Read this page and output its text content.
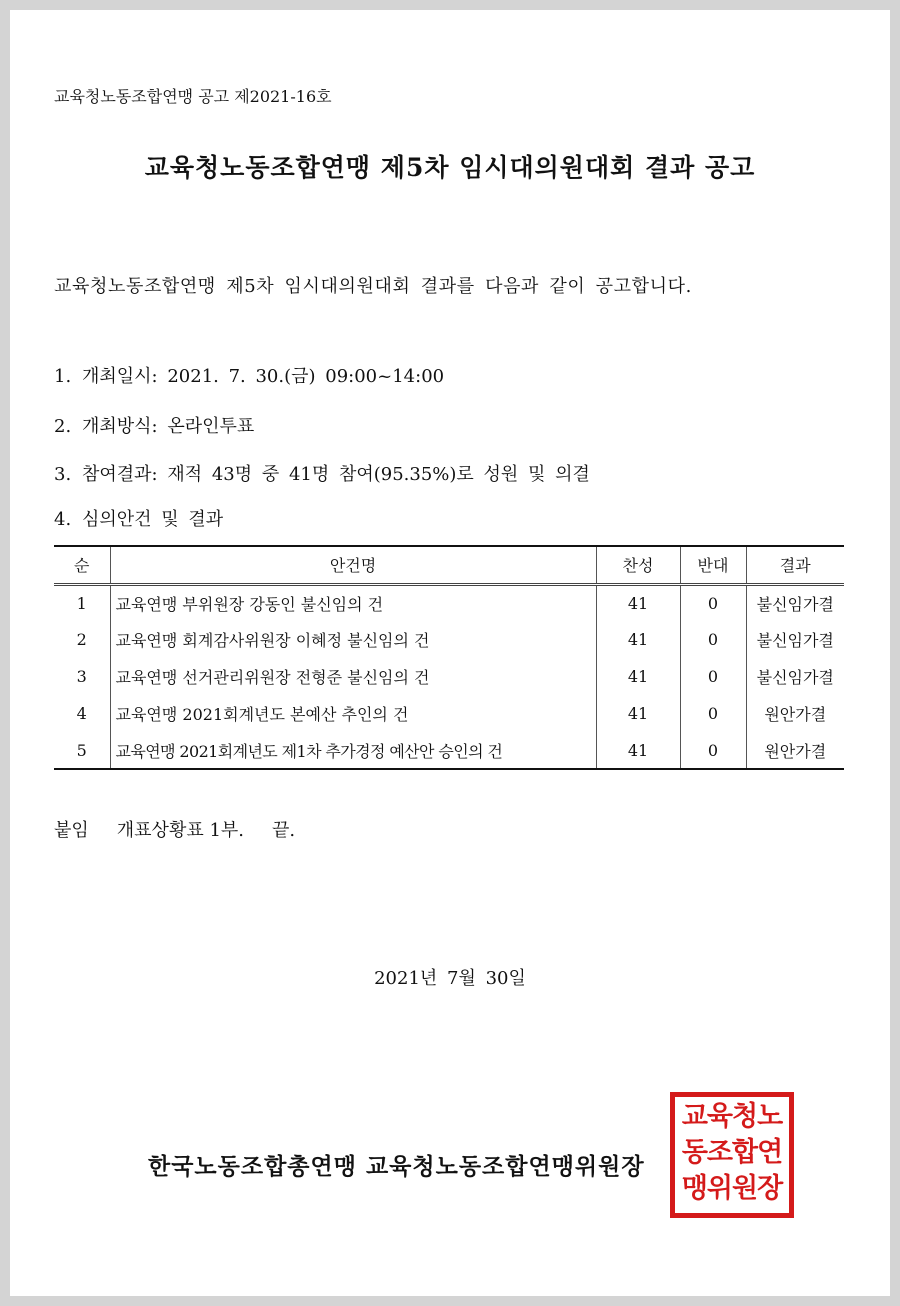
교육청노동조합연맹 공고 제2021-16호
교육청노동조합연맹 제5차 임시대의원대회 결과 공고
교육청노동조합연맹 제5차 임시대의원대회 결과를 다음과 같이 공고합니다.
1. 개최일시: 2021. 7. 30.(금) 09:00~14:00
2. 개최방식: 온라인투표
3. 참여결과: 재적 43명 중 41명 참여(95.35%)로 성원 및 의결
4. 심의안건 및 결과
순	안건명	찬성	반대	결과
1	교육연맹 부위원장 강동인 불신임의 건	41	0	불신임가결
2	교육연맹 회계감사위원장 이혜정 불신임의 건	41	0	불신임가결
3	교육연맹 선거관리위원장 전형준 불신임의 건	41	0	불신임가결
4	교육연맹 2021회계년도 본예산 추인의 건	41	0	원안가결
5	교육연맹 2021회계년도 제1차 추가경정 예산안 승인의 건	41	0	원안가결
붙임 개표상황표 1부. 끝.
2021년 7월 30일
한국노동조합총연맹 교육청노동조합연맹위원장
교육청노
동조합연
맹위원장
